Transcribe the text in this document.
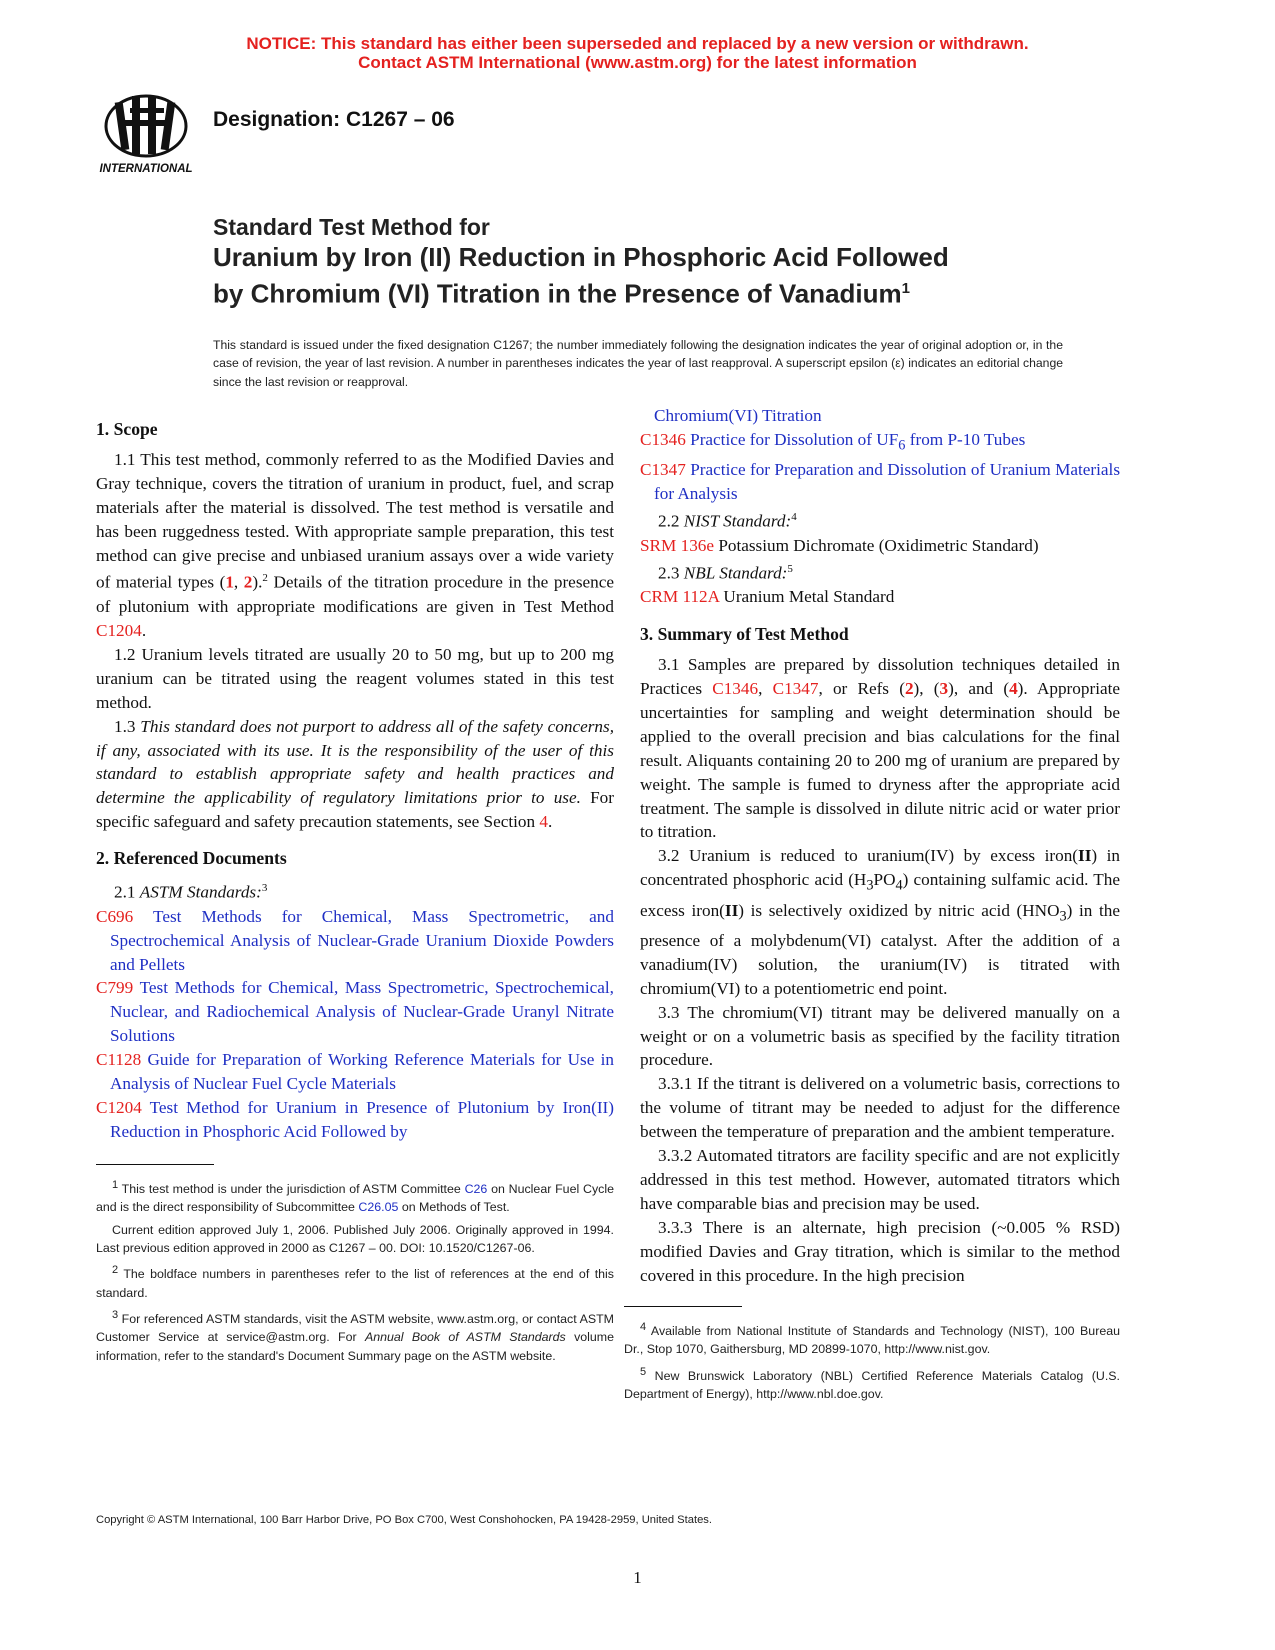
NOTICE: This standard has either been superseded and replaced by a new version or withdrawn.
Contact ASTM International (www.astm.org) for the latest information
INTERNATIONAL
Designation: C1267 – 06
Standard Test Method for
Uranium by Iron (II) Reduction in Phosphoric Acid Followed
by Chromium (VI) Titration in the Presence of Vanadium$^1$
This standard is issued under the fixed designation C1267; the number immediately following the designation indicates the year of original adoption or, in the case of revision, the year of last revision. A number in parentheses indicates the year of last reapproval. A superscript epsilon (ε) indicates an editorial change since the last revision or reapproval.

1. Scope

1.1 This test method, commonly referred to as the Modified Davies and Gray technique, covers the titration of uranium in product, fuel, and scrap materials after the material is dissolved. The test method is versatile and has been ruggedness tested. With appropriate sample preparation, this test method can give precise and unbiased uranium assays over a wide variety of material types (1, 2).$^2$ Details of the titration procedure in the presence of plutonium with appropriate modifications are given in Test Method C1204.

1.2 Uranium levels titrated are usually 20 to 50 mg, but up to 200 mg uranium can be titrated using the reagent volumes stated in this test method.

1.3 This standard does not purport to address all of the safety concerns, if any, associated with its use. It is the responsibility of the user of this standard to establish appropriate safety and health practices and determine the applicability of regulatory limitations prior to use. For specific safeguard and safety precaution statements, see Section 4.

2. Referenced Documents

2.1 ASTM Standards:$^3$

C696 Test Methods for Chemical, Mass Spectrometric, and Spectrochemical Analysis of Nuclear-Grade Uranium Dioxide Powders and Pellets

C799 Test Methods for Chemical, Mass Spectrometric, Spectrochemical, Nuclear, and Radiochemical Analysis of Nuclear-Grade Uranyl Nitrate Solutions

C1128 Guide for Preparation of Working Reference Materials for Use in Analysis of Nuclear Fuel Cycle Materials

C1204 Test Method for Uranium in Presence of Plutonium by Iron(II) Reduction in Phosphoric Acid Followed by

$^1$ This test method is under the jurisdiction of ASTM Committee C26 on Nuclear Fuel Cycle and is the direct responsibility of Subcommittee C26.05 on Methods of Test.

Current edition approved July 1, 2006. Published July 2006. Originally approved in 1994. Last previous edition approved in 2000 as C1267 – 00. DOI: 10.1520/C1267-06.

$^2$ The boldface numbers in parentheses refer to the list of references at the end of this standard.

$^3$ For referenced ASTM standards, visit the ASTM website, www.astm.org, or contact ASTM Customer Service at service@astm.org. For Annual Book of ASTM Standards volume information, refer to the standard's Document Summary page on the ASTM website.

Chromium(VI) Titration

C1346 Practice for Dissolution of $UF_6$ from P-10 Tubes

C1347 Practice for Preparation and Dissolution of Uranium Materials for Analysis

2.2 NIST Standard:$^4$

SRM 136e Potassium Dichromate (Oxidimetric Standard)

2.3 NBL Standard:$^5$

CRM 112A Uranium Metal Standard

3. Summary of Test Method

3.1 Samples are prepared by dissolution techniques detailed in Practices C1346, C1347, or Refs (2), (3), and (4). Appropriate uncertainties for sampling and weight determination should be applied to the overall precision and bias calculations for the final result. Aliquants containing 20 to 200 mg of uranium are prepared by weight. The sample is fumed to dryness after the appropriate acid treatment. The sample is dissolved in dilute nitric acid or water prior to titration.

3.2 Uranium is reduced to uranium(IV) by excess iron(II) in concentrated phosphoric acid $(H_3PO_4)$ containing sulfamic acid. The excess iron(II) is selectively oxidized by nitric acid $(HNO_3)$ in the presence of a molybdenum(VI) catalyst. After the addition of a vanadium(IV) solution, the uranium(IV) is titrated with chromium(VI) to a potentiometric end point.

3.3 The chromium(VI) titrant may be delivered manually on a weight or on a volumetric basis as specified by the facility titration procedure.

3.3.1 If the titrant is delivered on a volumetric basis, corrections to the volume of titrant may be needed to adjust for the difference between the temperature of preparation and the ambient temperature.

3.3.2 Automated titrators are facility specific and are not explicitly addressed in this test method. However, automated titrators which have comparable bias and precision may be used.

3.3.3 There is an alternate, high precision (~0.005 % RSD) modified Davies and Gray titration, which is similar to the method covered in this procedure. In the high precision

$^4$ Available from National Institute of Standards and Technology (NIST), 100 Bureau Dr., Stop 1070, Gaithersburg, MD 20899-1070, http://www.nist.gov.

$^5$ New Brunswick Laboratory (NBL) Certified Reference Materials Catalog (U.S. Department of Energy), http://www.nbl.doe.gov.

Copyright © ASTM International, 100 Barr Harbor Drive, PO Box C700, West Conshohocken, PA 19428-2959, United States.
1
